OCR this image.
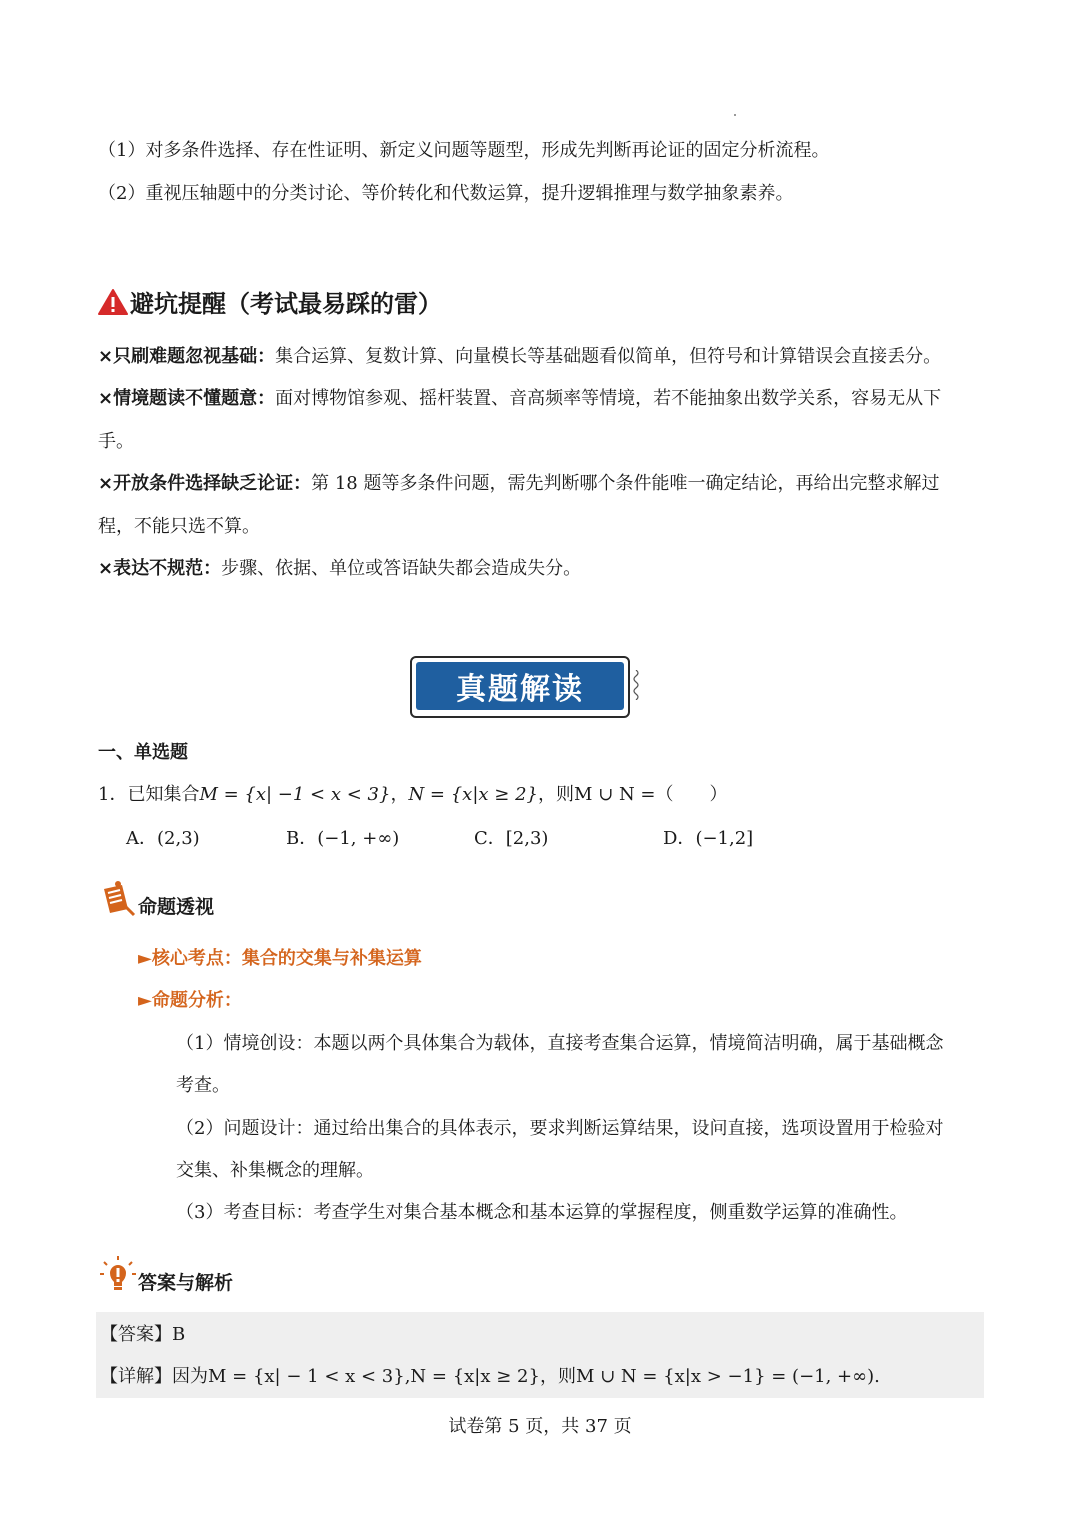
（1）对多条件选择、存在性证明、新定义问题等题型，形成先判断再论证的固定分析流程。
（2）重视压轴题中的分类讨论、等价转化和代数运算，提升逻辑推理与数学抽象素养。
避坑提醒（考试最易踩的雷）
×只刷难题忽视基础：集合运算、复数计算、向量模长等基础题看似简单，但符号和计算错误会直接丢分。
×情境题读不懂题意：面对博物馆参观、摇杆装置、音高频率等情境，若不能抽象出数学关系，容易无从下
手。
×开放条件选择缺乏论证：第 18 题等多条件问题，需先判断哪个条件能唯一确定结论，再给出完整求解过
程，不能只选不算。
×表达不规范：步骤、依据、单位或答语缺失都会造成失分。
真题解读
一、单选题
1．已知集合M = {x| −1 < x < 3}，N = {x|x ≥ 2}，则M ∪ N =（　　）
A．(2,3)	B．(−1, +∞)	C．[2,3)	D．(−1,2]
命题透视
►核心考点：集合的交集与补集运算
►命题分析：
（1）情境创设：本题以两个具体集合为载体，直接考查集合运算，情境简洁明确，属于基础概念
考查。
（2）问题设计：通过给出集合的具体表示，要求判断运算结果，设问直接，选项设置用于检验对
交集、补集概念的理解。
（3）考查目标：考查学生对集合基本概念和基本运算的掌握程度，侧重数学运算的准确性。
答案与解析
【答案】B
【详解】因为M = {x| − 1 < x < 3},N = {x|x ≥ 2}，则M ∪ N = {x|x > −1} = (−1, +∞).
试卷第 5 页，共 37 页
